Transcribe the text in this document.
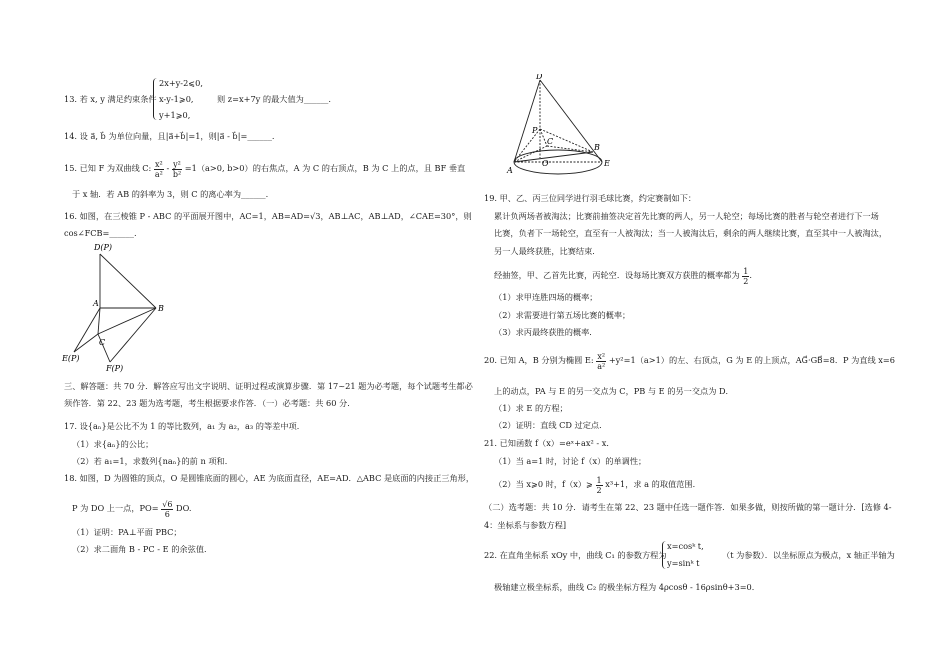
13. 若 x, y 满足约束条件
2x+y-2⩽0,
x-y-1⩾0,
y+1⩾0,
则 z=x+7y 的最大值为______.
14. 设 a⃗, b⃗ 为单位向量，且|a⃗+b⃗|=1，则|a⃗ - b⃗|=______.
15. 已知 F 为双曲线 C: $\frac{\text{x²}}{\text{a²}} - \frac{\text{y²}}{\text{b²}} =1(a>0$, b>0）的右焦点，A 为 C 的右顶点，B 为 C 上的点，且 BF 垂直
于 x 轴．若 AB 的斜率为 3，则 C 的离心率为______.
16. 如图，在三棱锥 P - ABC 的平面展开图中，AC=1，AB=AD=√3，AB⊥AC，AB⊥AD，∠CAE=30°，则
cos∠FCB=______.
D(P)
A
B
C
E(P)
F(P)
三、解答题：共 70 分．解答应写出文字说明、证明过程或演算步骤．第 17~21 题为必考题，每个试题考生都必
须作答．第 22、23 题为选考题，考生根据要求作答．（一）必考题：共 60 分．
17. 设{aₙ}是公比不为 1 的等比数列，a₁ 为 a₂，a₃ 的等差中项．
（1）求{aₙ}的公比；
（2）若 a₁=1，求数列{naₙ}的前 n 项和．
18. 如图，D 为圆锥的顶点，O 是圆锥底面的圆心，AE 为底面直径，AE=AD．△ABC 是底面的内接正三角形，
P 为 DO 上一点，$PO= \frac{√6}{6}$ DO.
（1）证明：PA⊥平面 PBC；
（2）求二面角 B - PC - E 的余弦值．
D
P
O
A
B
C
E
19. 甲、乙、丙三位同学进行羽毛球比赛，约定赛制如下：
累计负两场者被淘汰；比赛前抽签决定首先比赛的两人，另一人轮空；每场比赛的胜者与轮空者进行下一场
比赛，负者下一场轮空，直至有一人被淘汰；当一人被淘汰后，剩余的两人继续比赛，直至其中一人被淘汰，
另一人最终获胜，比赛结束．
经抽签，甲、乙首先比赛，丙轮空．设每场比赛双方获胜的概率都为 $\frac{1}{2}$ .
（1）求甲连胜四场的概率；
（2）求需要进行第五场比赛的概率；
（3）求丙最终获胜的概率．
20. 已知 A，B 分别为椭圆 E: $\frac{\text{x²}}{\text{a²}} +y^2=1(a>1)$的左、右顶点，G 为 E 的上顶点，AG⃗·GB⃗=8．P 为直线 x=6
上的动点，PA 与 E 的另一交点为 C，PB 与 E 的另一交点为 D．
（1）求 E 的方程；
（2）证明：直线 CD 过定点．
21. 已知函数 f（x）=eˣ+ax² - x．
（1）当 a=1 时，讨论 f（x）的单调性；
（2）当 x⩾0 时，f（x）⩾ $\frac{1}{2} x^3+1$，求 a 的取值范围．
（二）选考题：共 10 分．请考生在第 22、23 题中任选一题作答．如果多做，则按所做的第一题计分．[选修 4-
4：坐标系与参数方程]
22. 在直角坐标系 xOy 中，曲线 C₁ 的参数方程为
x=cosᵏ t,
y=sinᵏ t
（t 为参数）．以坐标原点为极点，x 轴正半轴为
极轴建立极坐标系，曲线 C₂ 的极坐标方程为 4ρcosθ - 16ρsinθ+3=0．
